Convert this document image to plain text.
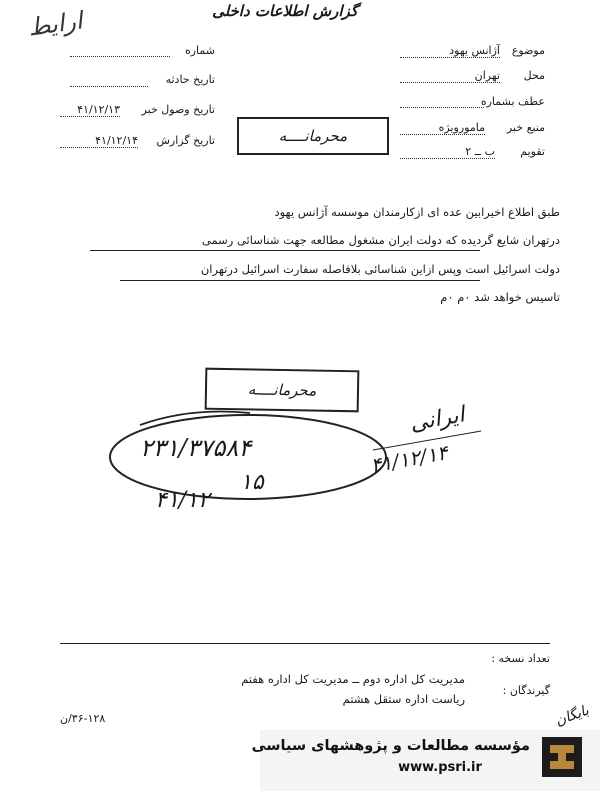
گزارش اطلاعات داخلی
ارایط
شماره
تاریخ حادثه
تاریخ وصول خبر
۴۱/۱۲/۱۳
تاریخ گزارش
۴۱/۱۲/۱۴
موضوع
آژانس یهود
محل
تهران
عطف بشماره
منبع خبر
مامورویژه
تقویم
ب ــ ۲
محرمانــــه
طبق اطلاع اخیرابین عده ای ازکارمندان موسسه آژانس یهود
درتهران شایع گردیده که دولت ایران مشغول مطالعه جهت شناسائی رسمی
دولت اسرائیل است وپس ازاین شناسائی بلافاصله سفارت اسرائیل درتهران
تاسیس خواهد شد ۰م ۰م
محرمانــــه
۲۳۱/۳۷۵۸۴
۱۵
۴۱/۱۲
ایرانی
۴۱/۱۲/۱۴
تعداد نسخه :
مدیریت کل اداره دوم ــ مدیریت کل اداره هفتم
گیرندگان :
ریاست اداره ستقل هشتم
۳۶-۱۲۸/ن	بایگان
مؤسسه مطالعات و پژوهشهای سیاسی
www.psri.ir
